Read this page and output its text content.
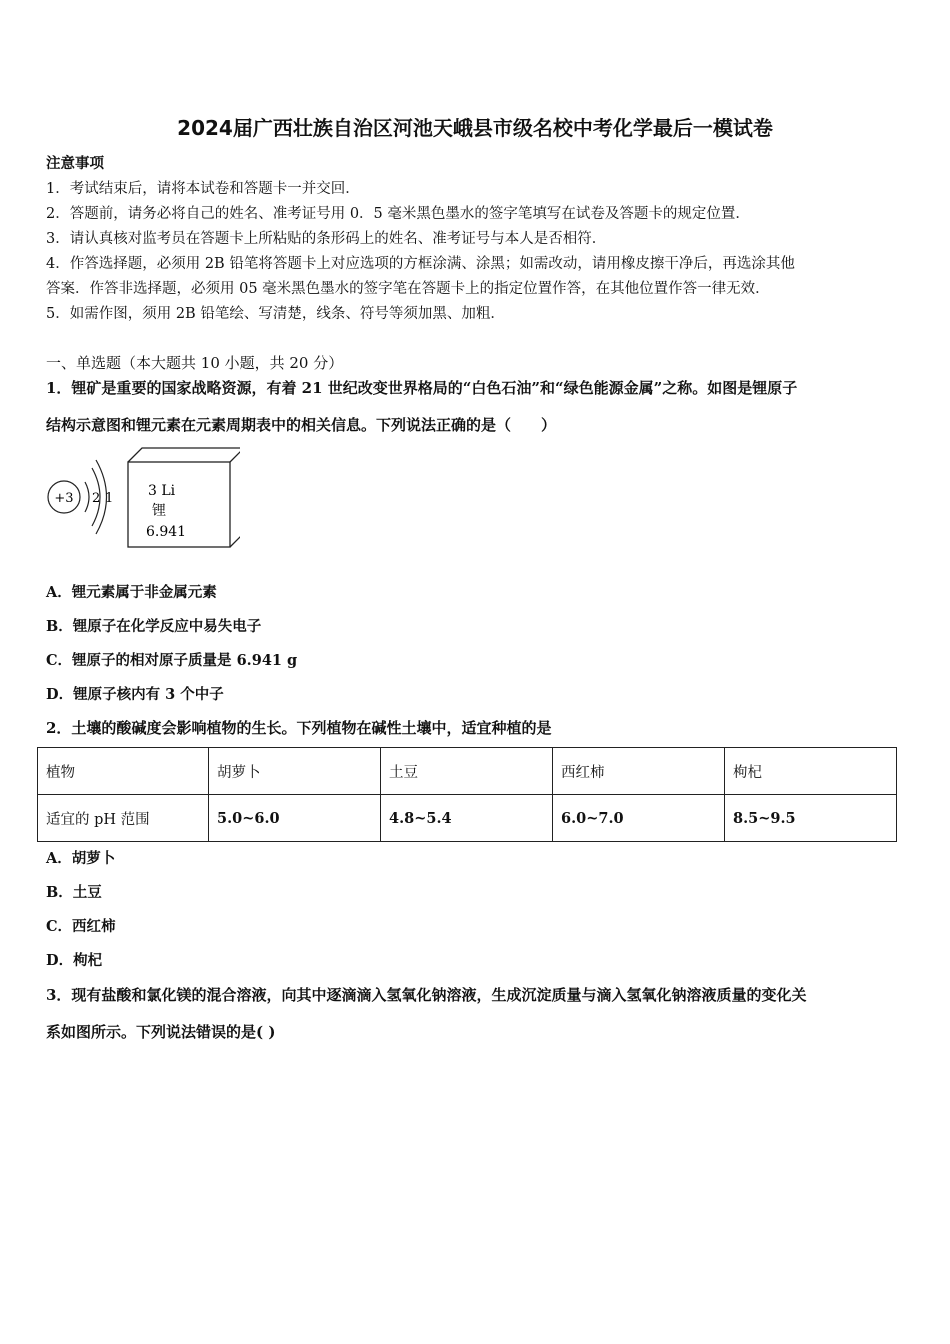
2024届广西壮族自治区河池天峨县市级名校中考化学最后一模试卷
注意事项
1．考试结束后，请将本试卷和答题卡一并交回．
2．答题前，请务必将自己的姓名、准考证号用 0．5 毫米黑色墨水的签字笔填写在试卷及答题卡的规定位置．
3．请认真核对监考员在答题卡上所粘贴的条形码上的姓名、准考证号与本人是否相符．
4．作答选择题，必须用 2B 铅笔将答题卡上对应选项的方框涂满、涂黑；如需改动，请用橡皮擦干净后，再选涂其他
答案．作答非选择题，必须用 05 毫米黑色墨水的签字笔在答题卡上的指定位置作答，在其他位置作答一律无效．
5．如需作图，须用 2B 铅笔绘、写清楚，线条、符号等须加黑、加粗．
一、单选题（本大题共 10 小题，共 20 分）
1．锂矿是重要的国家战略资源，有着 21 世纪改变世界格局的“白色石油”和“绿色能源金属”之称。如图是锂原子
结构示意图和锂元素在元素周期表中的相关信息。下列说法正确的是（　　）
+3 2 1 3 Li
锂
6.941
A．锂元素属于非金属元素
B．锂原子在化学反应中易失电子
C．锂原子的相对原子质量是 6.941 g
D．锂原子核内有 3 个中子
2．土壤的酸碱度会影响植物的生长。下列植物在碱性土壤中，适宜种植的是
植物	胡萝卜	土豆	西红柿	枸杞
适宜的 pH 范围	5.0~6.0	4.8~5.4	6.0~7.0	8.5~9.5
A．胡萝卜
B．土豆
C．西红柿
D．枸杞
3．现有盐酸和氯化镁的混合溶液，向其中逐滴滴入氢氧化钠溶液，生成沉淀质量与滴入氢氧化钠溶液质量的变化关
系如图所示。下列说法错误的是( )
